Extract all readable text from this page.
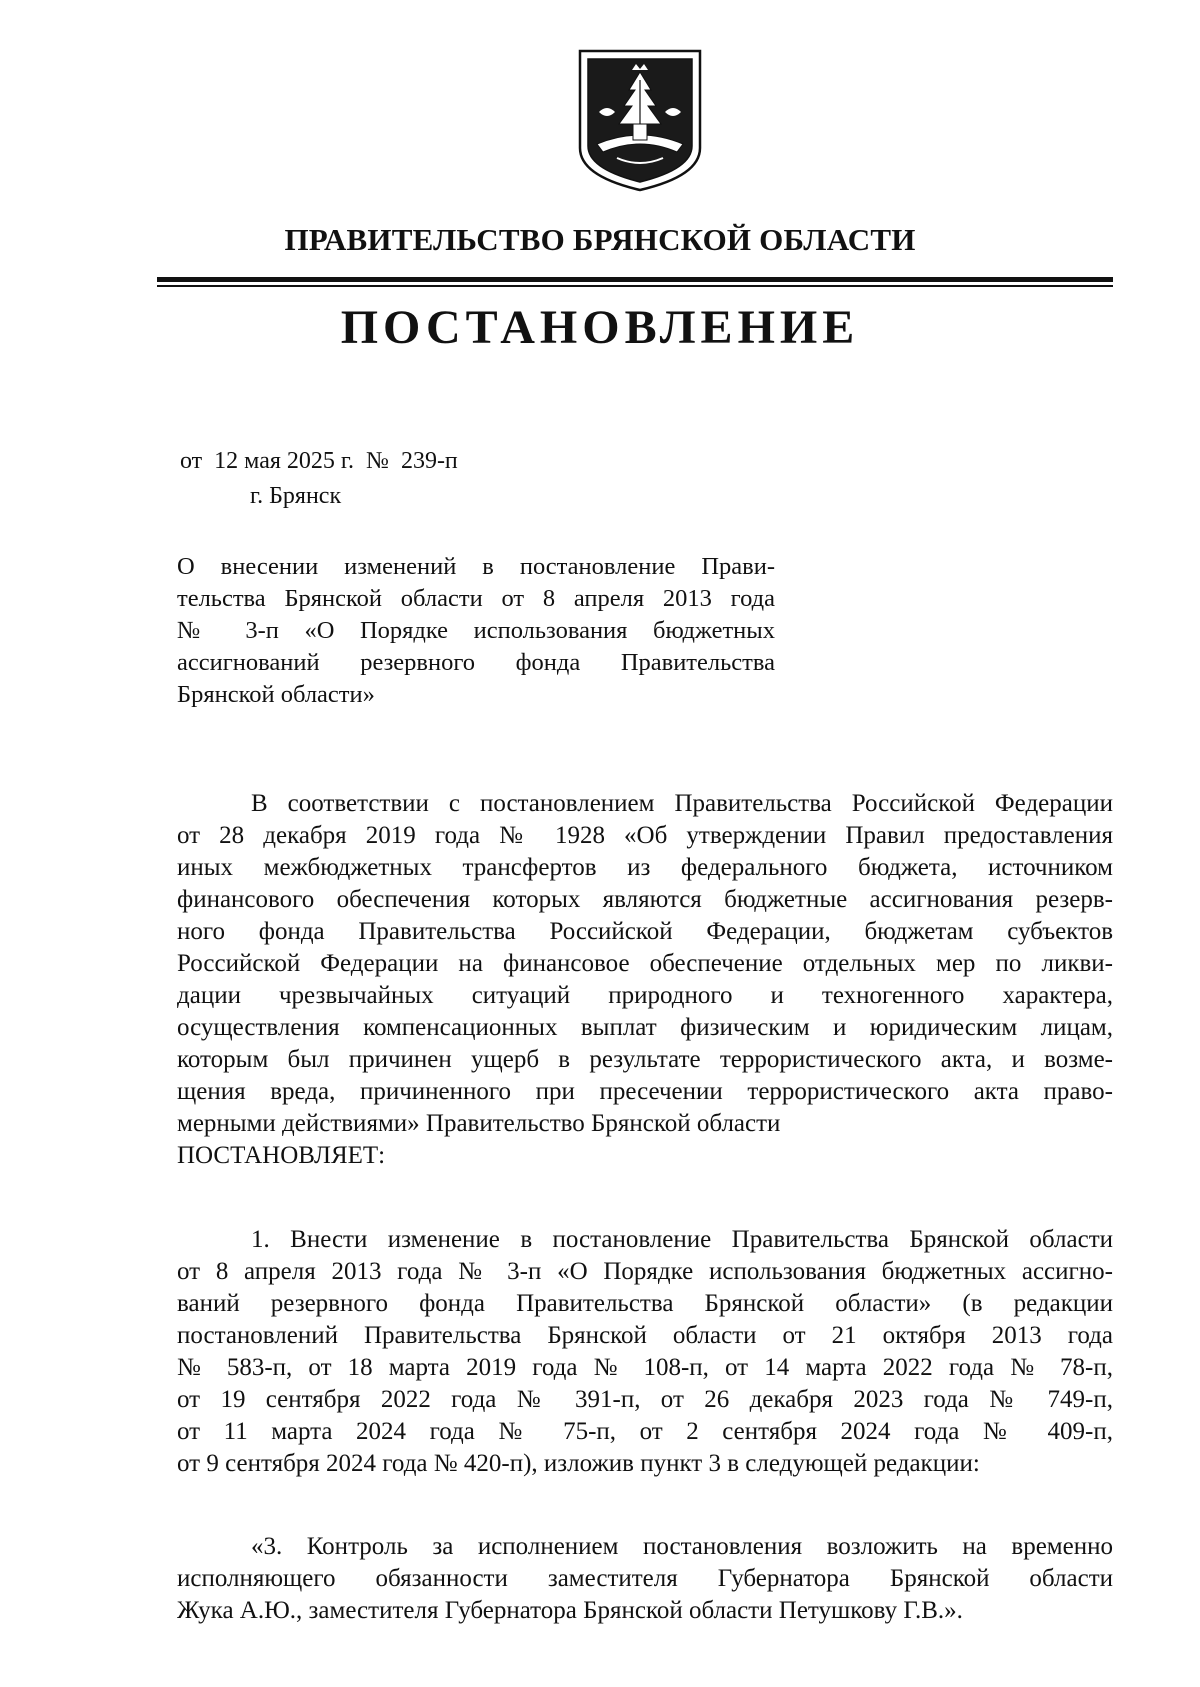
ПРАВИТЕЛЬСТВО БРЯНСКОЙ ОБЛАСТИ
ПОСТАНОВЛЕНИЕ
от 12 мая 2025 г. № 239-п
г. Брянск
О внесении изменений в постановление Прави-
тельства Брянской области от 8 апреля 2013 года
№ 3-п «О Порядке использования бюджетных
ассигнований резервного фонда Правительства
Брянской области»
В соответствии с постановлением Правительства Российской Федерации
от 28 декабря 2019 года № 1928 «Об утверждении Правил предоставления
иных межбюджетных трансфертов из федерального бюджета, источником
финансового обеспечения которых являются бюджетные ассигнования резерв-
ного фонда Правительства Российской Федерации, бюджетам субъектов
Российской Федерации на финансовое обеспечение отдельных мер по ликви-
дации чрезвычайных ситуаций природного и техногенного характера,
осуществления компенсационных выплат физическим и юридическим лицам,
которым был причинен ущерб в результате террористического акта, и возме-
щения вреда, причиненного при пресечении террористического акта право-
мерными действиями» Правительство Брянской области
ПОСТАНОВЛЯЕТ:
1. Внести изменение в постановление Правительства Брянской области
от 8 апреля 2013 года № 3-п «О Порядке использования бюджетных ассигно-
ваний резервного фонда Правительства Брянской области» (в редакции
постановлений Правительства Брянской области от 21 октября 2013 года
№ 583-п, от 18 марта 2019 года № 108-п, от 14 марта 2022 года № 78-п,
от 19 сентября 2022 года № 391-п, от 26 декабря 2023 года № 749-п,
от 11 марта 2024 года № 75-п, от 2 сентября 2024 года № 409-п,
от 9 сентября 2024 года № 420-п), изложив пункт 3 в следующей редакции:
«3. Контроль за исполнением постановления возложить на временно
исполняющего обязанности заместителя Губернатора Брянской области
Жука А.Ю., заместителя Губернатора Брянской области Петушкову Г.В.».
